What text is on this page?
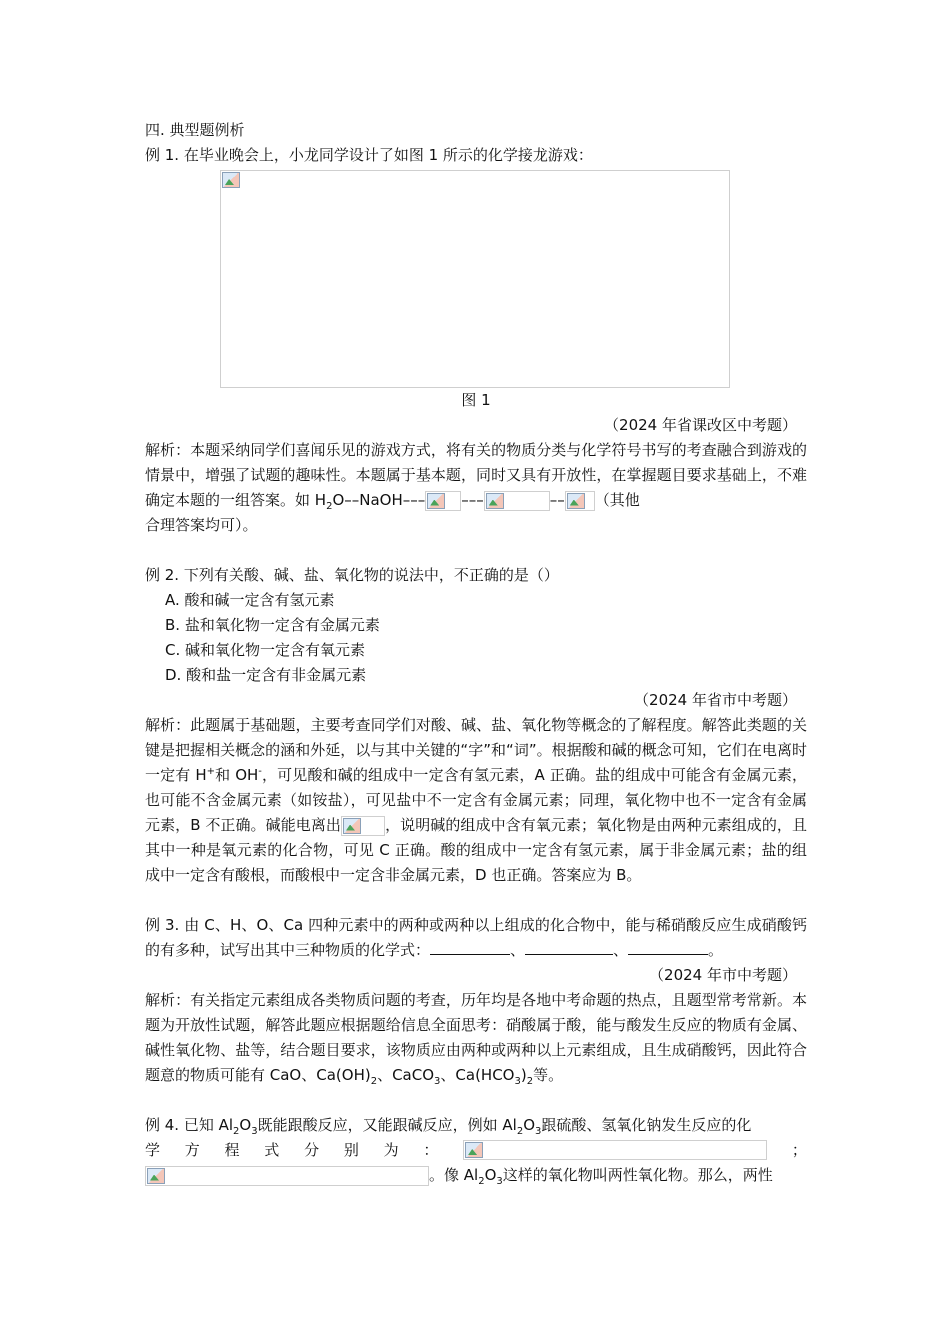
四. 典型题例析

例 1. 在毕业晚会上，小龙同学设计了如图 1 所示的化学接龙游戏：

图 1

（2024 年省课改区中考题）

解析：本题采纳同学们喜闻乐见的游戏方式，将有关的物质分类与化学符号书写的考查融合到游戏的情景中，增强了试题的趣味性。本题属于基本题，同时又具有开放性，在掌握题目要求基础上，不难确定本题的一组答案。如 $H_2O--NaOH---$ –––	–– （其他
合理答案均可）。

例 2. 下列有关酸、碱、盐、氧化物的说法中，不正确的是（）

A. 酸和碱一定含有氢元素

B. 盐和氧化物一定含有金属元素

C. 碱和氧化物一定含有氧元素

D. 酸和盐一定含有非金属元素

（2024 年省市中考题）

解析：此题属于基础题，主要考查同学们对酸、碱、盐、氧化物等概念的了解程度。解答此类题的关键是把握相关概念的涵和外延，以与其中关键的“字”和“词”。根据酸和碱的概念可知，它们在电离时一定有 H+和 OH-，可见酸和碱的组成中一定含有氢元素，A 正确。盐的组成中可能含有金属元素，也可能不含金属元素（如铵盐），可见盐中不一定含有金属元素；同理，氧化物中也不一定含有金属元素，B 不正确。碱能电离出	，说明碱的组成中含有氧元素；氧化物是由两种元素组成的，且其中一种是氧元素的化合物，可见 C 正确。酸的组成中一定含有氢元素，属于非金属元素；盐的组成中一定含有酸根，而酸根中一定含非金属元素，D 也正确。答案应为 B。

例 3. 由 C、H、O、Ca 四种元素中的两种或两种以上组成的化合物中，能与稀硝酸反应生成硝酸钙的有多种，试写出其中三种物质的化学式：	、	、	。

（2024 年市中考题）

解析：有关指定元素组成各类物质问题的考查，历年均是各地中考命题的热点，且题型常考常新。本题为开放性试题，解答此题应根据题给信息全面思考：硝酸属于酸，能与酸发生反应的物质有金属、碱性氧化物、盐等，结合题目要求，该物质应由两种或两种以上元素组成，且生成硝酸钙，因此符合题意的物质可能有 CaO、$Ca(OH)_2$、CaCO$_3$、$Ca(HCO_3)_2$等。

例 4. 已知 $Al_2O_3$既能跟酸反应，又能跟碱反应，例如 $Al_2O_3$跟硫酸、氢氧化钠发生反应的化

学 方 程 式 分 别 为 ：	；

。像 $Al_2O_3$这样的氧化物叫两性氧化物。那么，两性
